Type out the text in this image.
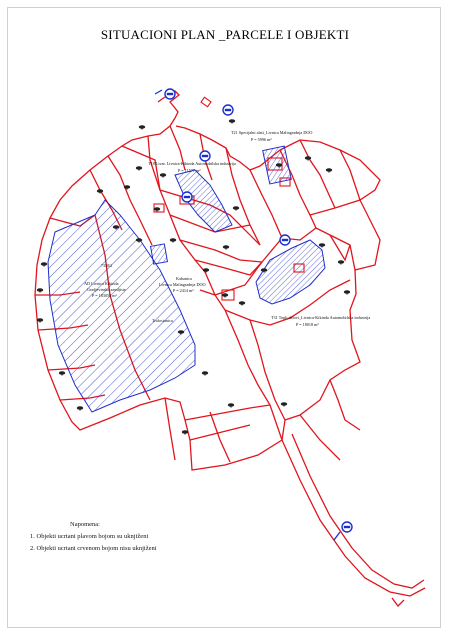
SITUACIONI PLAN _PARCELE I OBJEKTI
T21 Specijalni alati_Livnica Malingradnja DOO
P = 5996 m²
T18 Livar. Livnica-Kikinda Automobilska industrija
P = 11577 m²
7338/2
AD Livnica Kikinda
Gradjevinsko zemljiste
P = 183058 m²
Kabanica
Livnica Malingradnja DOO
P = 2414 m²
Trafostanica
T31 Topli delovi_Livnica-Kikinda Automobilska industrija
P = 18018 m²
Napomena:
1. Objekti ucrtani plavom bojom su uknjiženi
2. Objekti ucrtani crvenom bojom nisu uknjiženi
